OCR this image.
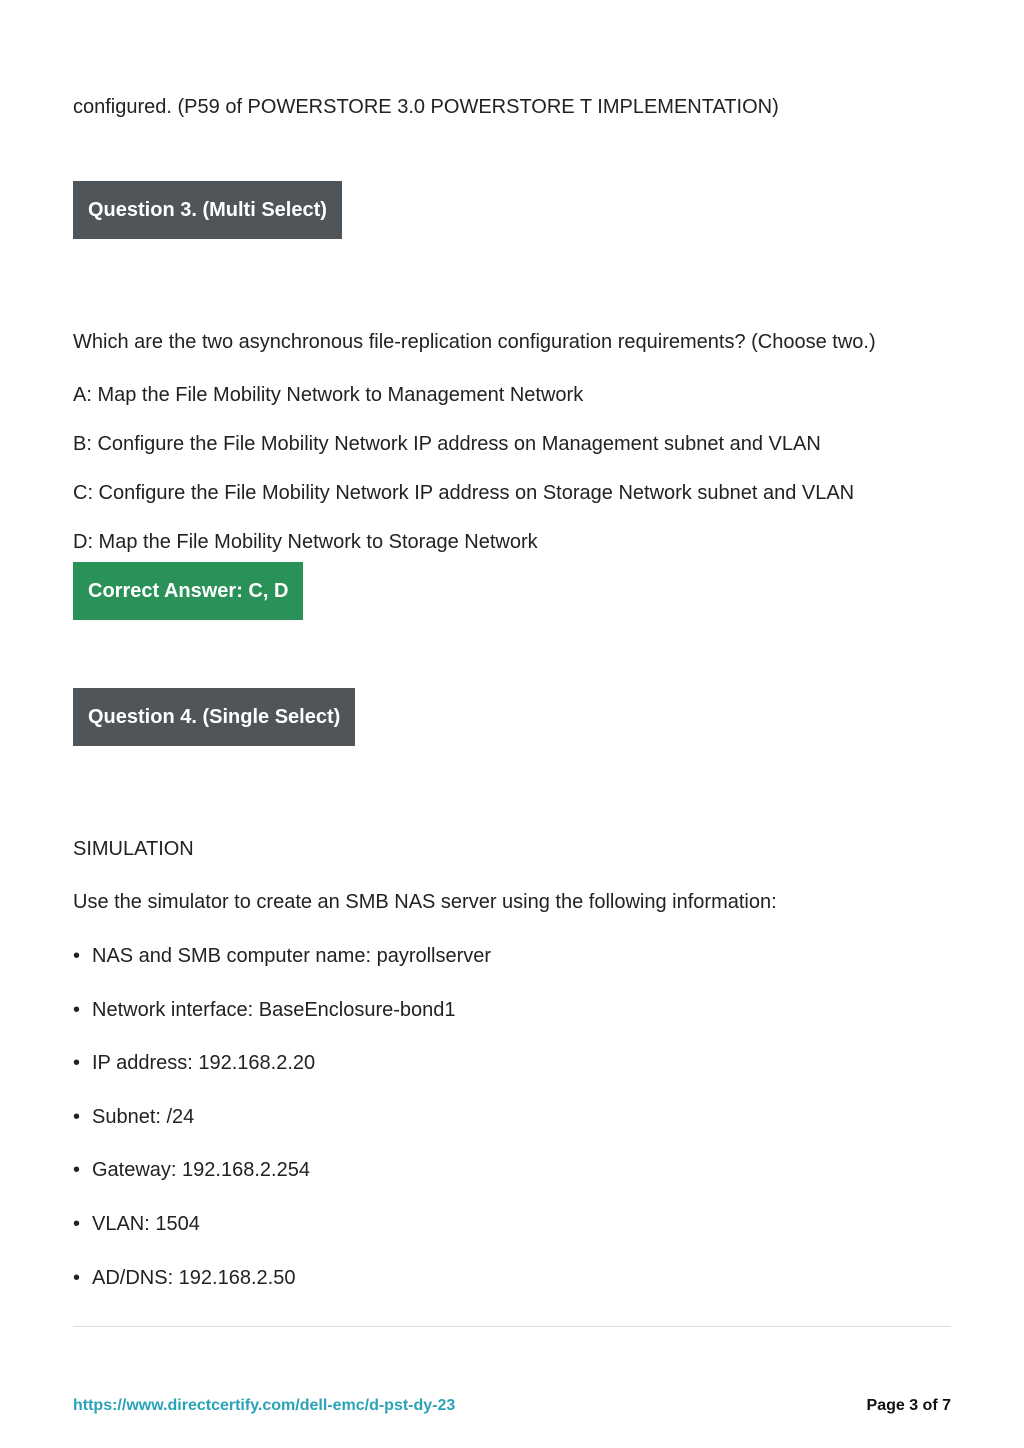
configured. (P59 of POWERSTORE 3.0 POWERSTORE T IMPLEMENTATION)
Question 3. (Multi Select)
Which are the two asynchronous file-replication configuration requirements? (Choose two.)
A: Map the File Mobility Network to Management Network
B: Configure the File Mobility Network IP address on Management subnet and VLAN
C: Configure the File Mobility Network IP address on Storage Network subnet and VLAN
D: Map the File Mobility Network to Storage Network
Correct Answer: C, D
Question 4. (Single Select)
SIMULATION
Use the simulator to create an SMB NAS server using the following information:
• NAS and SMB computer name: payrollserver
• Network interface: BaseEnclosure-bond1
• IP address: 192.168.2.20
• Subnet: /24
• Gateway: 192.168.2.254
• VLAN: 1504
• AD/DNS: 192.168.2.50
https://www.directcertify.com/dell-emc/d-pst-dy-23	Page 3 of 7
